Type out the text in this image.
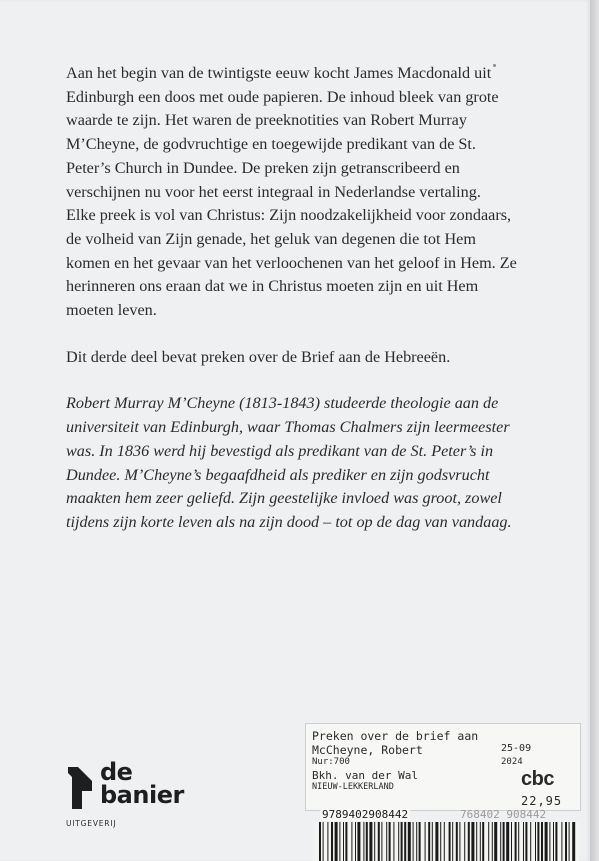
Aan het begin van de twintigste eeuw kocht James Macdonald uit Edinburgh een doos met oude papieren. De inhoud bleek van grote waarde te zijn. Het waren de preeknotities van Robert Murray M’Cheyne, de godvruchtige en toegewijde predikant van de St. Peter’s Church in Dundee. De preken zijn getranscribeerd en verschijnen nu voor het eerst integraal in Nederlandse vertaling.

Elke preek is vol van Christus: Zijn noodzakelijkheid voor zondaars, de volheid van Zijn genade, het geluk van degenen die tot Hem komen en het gevaar van het verloochenen van het geloof in Hem. Ze herinneren ons eraan dat we in Christus moeten zijn en uit Hem moeten leven.

Dit derde deel bevat preken over de Brief aan de Hebreeën.

Robert Murray M’Cheyne (1813-1843) studeerde theologie aan de universiteit van Edinburgh, waar Thomas Chalmers zijn leermeester was. In 1836 werd hij bevestigd als predikant van de St. Peter’s in Dundee. M’Cheyne’s begaafdheid als prediker en zijn godsvrucht maakten hem zeer geliefd. Zijn geestelijke invloed was groot, zowel tijdens zijn korte leven als na zijn dood – tot op de dag van vandaag.

de
banier
UITGEVERIJ
Preken over de brief aan
McCheyne, Robert	25-09
Nur:700	2024
Bkh. van der Wal
NIEUW-LEKKERLAND	cbc
22,95
768402 908442
9789402908442
